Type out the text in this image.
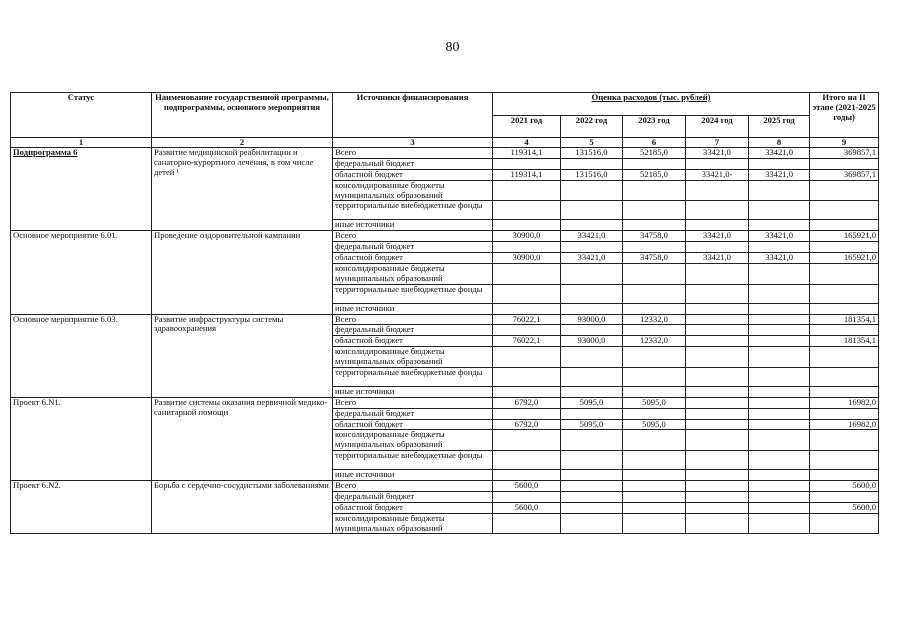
80
Статус	Наименование государственной программы, подпрограммы, основного мероприятия	Источники финансирования	Оценка расходов (тыс. рублей)					Итого на II этапе (2021-2025 годы)
			2021 год	2022 год	2023 год	2024 год	2025 год	
1	2	3	4	5	6	7	8	9
Подпрограмма 6	Развитие медицинской реабилитации и санаторно-курортного лечения, в том числе детей ¹	Всего	119314,1	131516,0	52185,0	33421,0	33421,0	369857,1
		федеральный бюджет						
		областной бюджет	119314,1	131516,0	52185,0	33421,0-	33421,0	369857,1
		консолидированные бюджеты муниципальных образований						
		территориальные внебюджетные фонды						
		иные источники						
Основное мероприятие 6.01.	Проведение оздоровительной кампании	Всего	30900,0	33421,0	34758,0	33421,0	33421,0	165921,0
		федеральный бюджет						
		областной бюджет	30900,0	33421,0	34758,0	33421,0	33421,0	165921,0
		консолидированные бюджеты муниципальных образований						
		территориальные внебюджетные фонды						
		иные источники						
Основное мероприятие 6.03.	Развитие инфраструктуры системы здравоохранения	Всего	76022,1	93000,0	12332,0			181354,1
		федеральный бюджет						
		областной бюджет	76022,1	93000,0	12332,0			181354,1
		консолидированные бюджеты муниципальных образований						
		территориальные внебюджетные фонды						
		иные источники						
Проект 6.N1.	Развитие системы оказания первичной медико-санитарной помощи	Всего	6792,0	5095,0	5095,0			16982,0
		федеральный бюджет						
		областной бюджет	6792,0	5095,0	5095,0			16982,0
		консолидированные бюджеты муниципальных образований						
		территориальные внебюджетные фонды						
		иные источники						
Проект 6.N2.	Борьба с сердечно-сосудистыми заболеваниями	Всего	5600,0					5600,0
		федеральный бюджет						
		областной бюджет	5600,0					5600,0
		консолидированные бюджеты муниципальных образований						
